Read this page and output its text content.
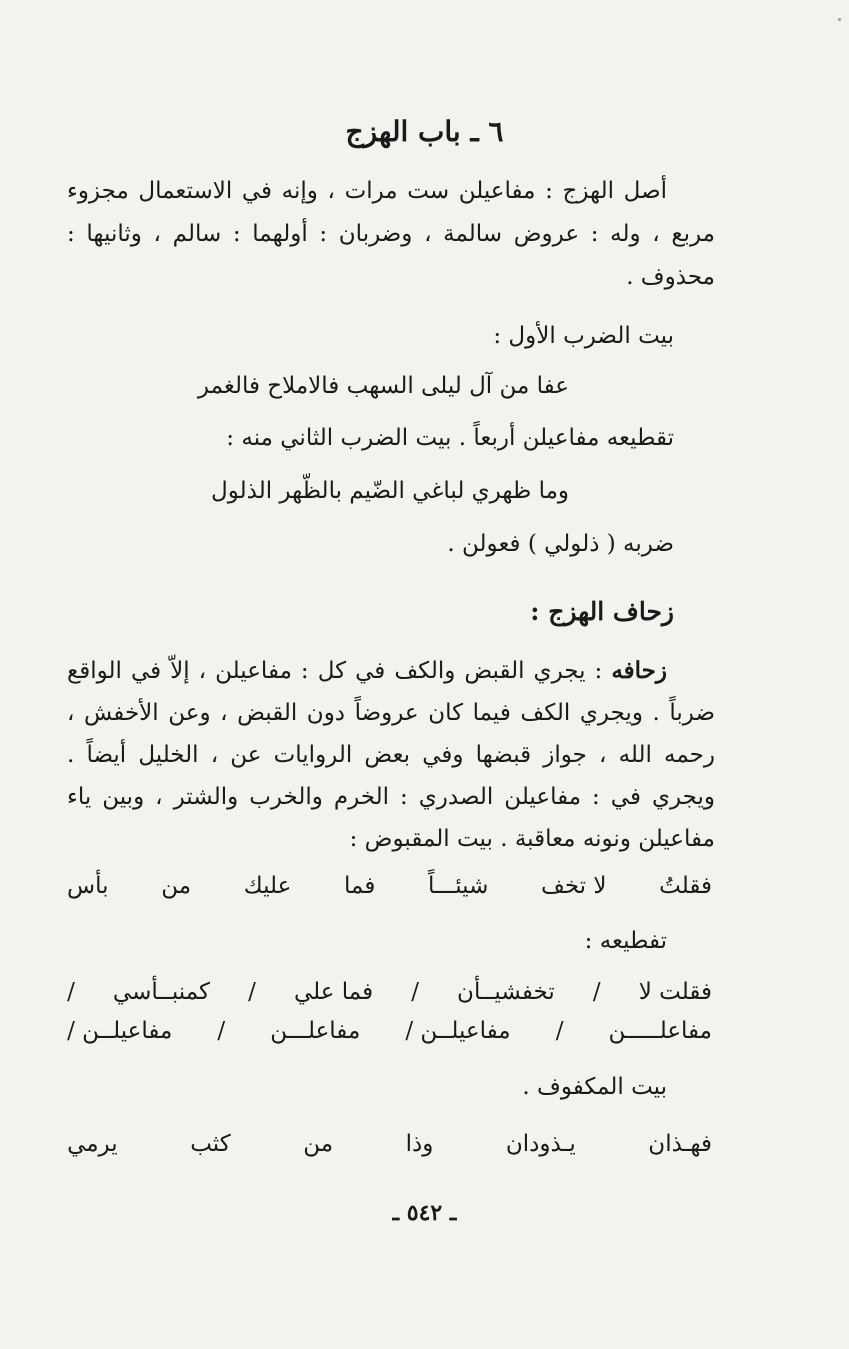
٦ ـ باب الهزج
أصل الهزج : مفاعيلن ست مرات ، وإنه في الاستعمال مجزوء مربع ، وله : عروض سالمة ، وضربان : أولهما : سالم ، وثانيها : محذوف .
بيت الضرب الأول :
عفا من آل ليلى السهب فالاملاح فالغمر
تقطيعه مفاعيلن أربعاً . بيت الضرب الثاني منه :
وما ظهري لباغي الضّيم بالظّهر الذلول
ضربه ( ذلولي ) فعولن .
زحاف الهزج :
زحافه : يجري القبض والكف في كل : مفاعيلن ، إلاّ في الواقع ضرباً . ويجري الكف فيما كان عروضاً دون القبض ، وعن الأخفش ، رحمه الله ، جواز قبضها وفي بعض الروايات عن ، الخليل أيضاً . ويجري في : مفاعيلن الصدري : الخرم والخرب والشتر ، وبين ياء مفاعيلن ونونه معاقبة . بيت المقبوض :
فقلتُ
لا تخف
شيئـــاً
فما
عليك
من
بأس
تفطيعه :
فقلت لا
/
تخفشيــأن
/
فما علي
/
كمنبــأسي
/
مفاعلـــــن
/
مفاعيلــن /
مفاعلـــن
/
مفاعيلــن /
بيت المكفوف .
فهـذان
يـذودان
وذا
من
كثب
يرمي
ـ ٥٤٢ ـ
